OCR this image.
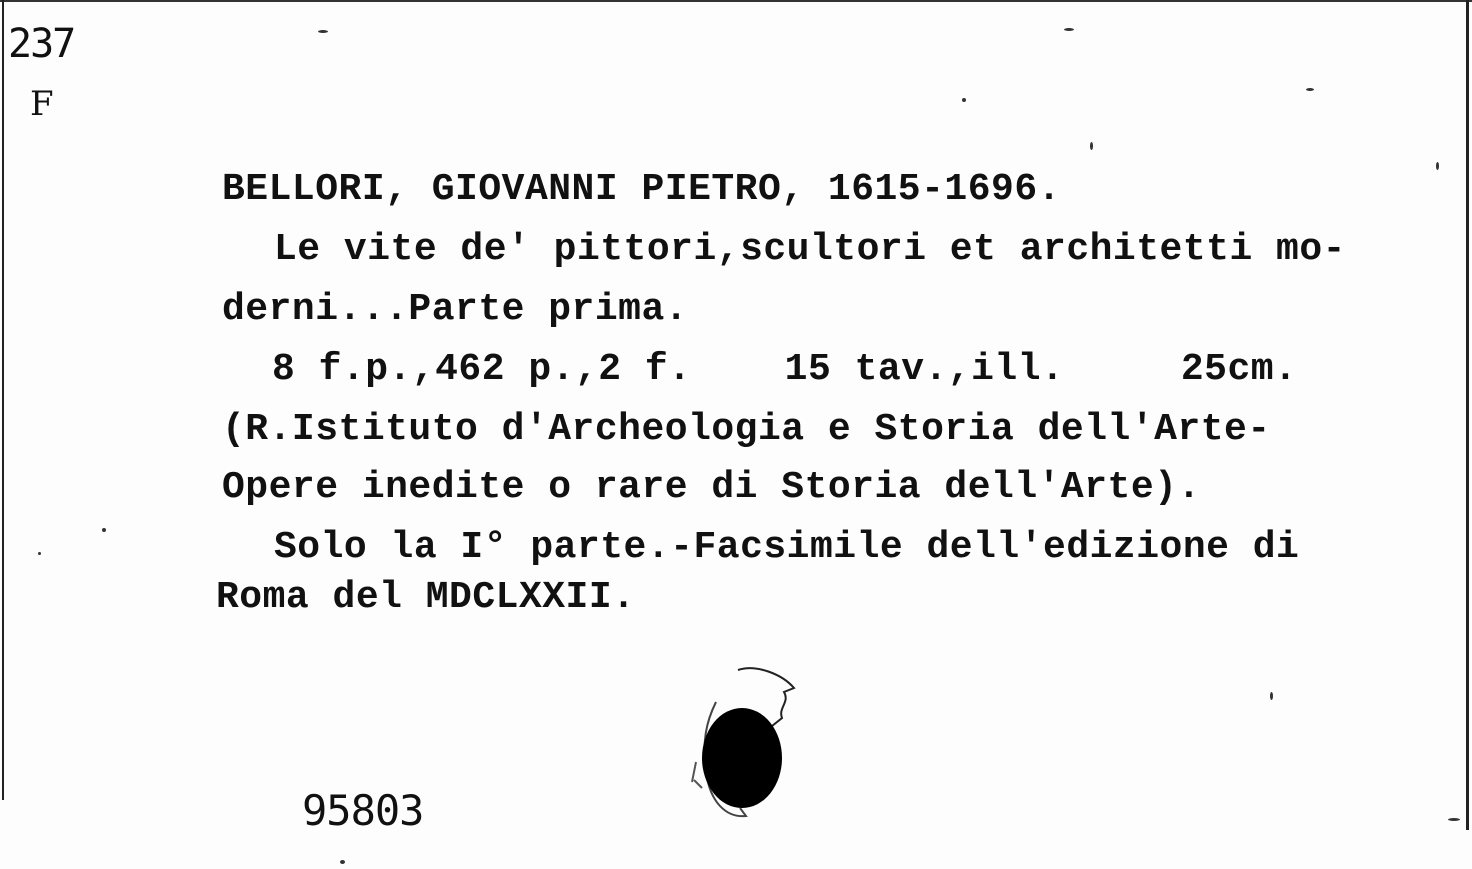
237
F
BELLORI, GIOVANNI PIETRO, 1615-1696.
Le vite de' pittori,scultori et architetti mo-
derni...Parte prima.
8 f.p.,462 p.,2 f.    15 tav.,ill.     25cm.
(R.Istituto d'Archeologia e Storia dell'Arte-
Opere inedite o rare di Storia dell'Arte).
Solo la I° parte.-Facsimile dell'edizione di
Roma del MDCLXXII.
95803
